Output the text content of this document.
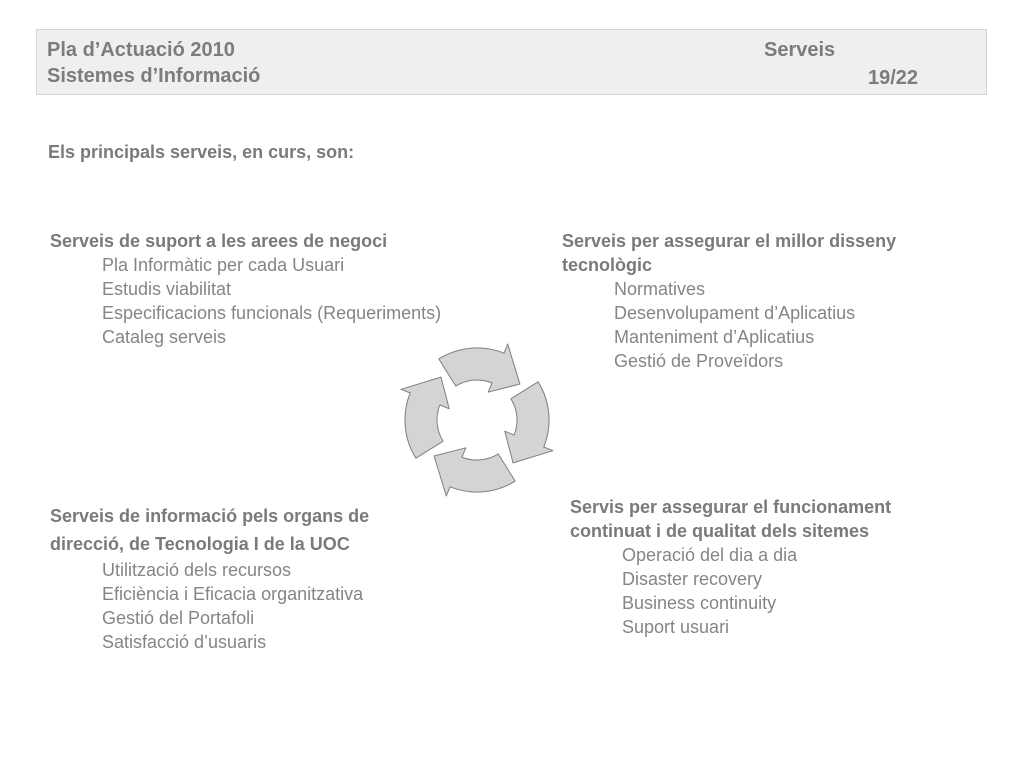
Pla d’Actuació 2010
Sistemes d’Informació
Serveis
19/22
Els principals serveis, en curs, son:
Serveis de suport a les arees de negoci
Pla Informàtic per cada Usuari
Estudis viabilitat
Especificacions funcionals (Requeriments)
Cataleg serveis
Serveis per assegurar el millor disseny
tecnològic
Normatives
Desenvolupament d’Aplicatius
Manteniment d’Aplicatius
Gestió de Proveïdors
Serveis de informació pels organs de
direcció, de Tecnologia I de la UOC
Utilització dels recursos
Eficiència i Eficacia organitzativa
Gestió del Portafoli
Satisfacció d’usuaris
Servis per assegurar el funcionament
continuat i de qualitat dels sitemes
Operació del dia a dia
Disaster recovery
Business continuity
Suport usuari
